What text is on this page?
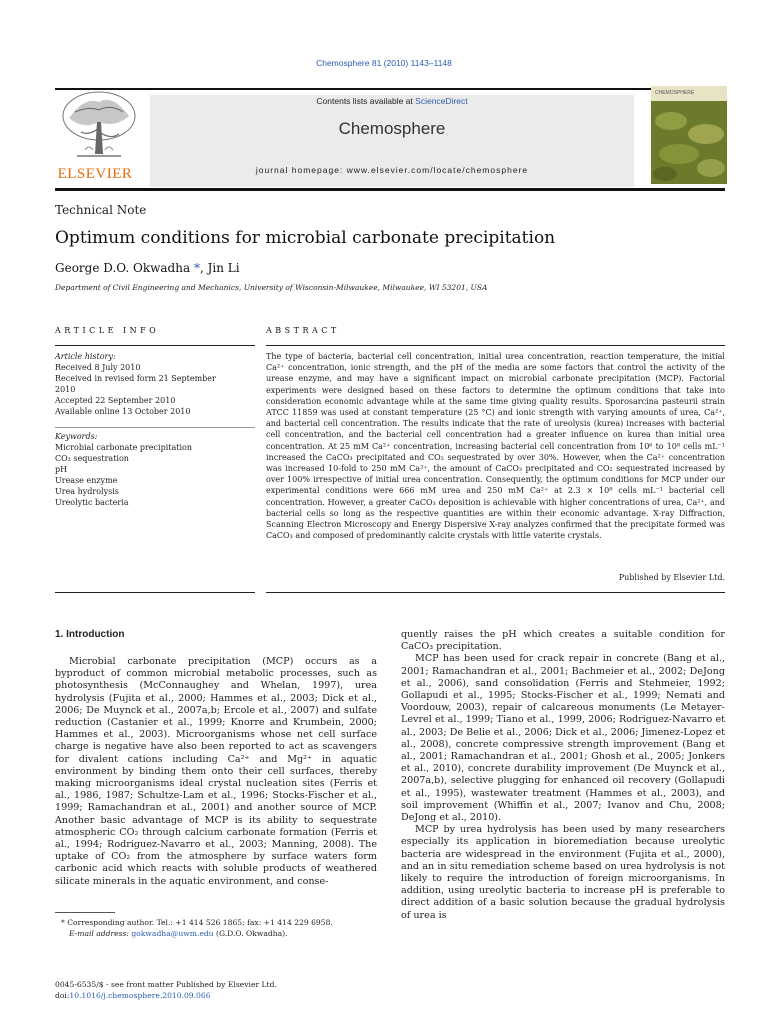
Chemosphere 81 (2010) 1143–1148
ELSEVIER
Contents lists available at ScienceDirect
Chemosphere
journal homepage: www.elsevier.com/locate/chemosphere
CHEMOSPHERE
Technical Note
Optimum conditions for microbial carbonate precipitation
George D.O. Okwadha *, Jin Li
Department of Civil Engineering and Mechanics, University of Wisconsin-Milwaukee, Milwaukee, WI 53201, USA
ARTICLE INFO
Article history:
Received 8 July 2010
Received in revised form 21 September
2010
Accepted 22 September 2010
Available online 13 October 2010
Keywords:
Microbial carbonate precipitation
CO₂ sequestration
pH
Urease enzyme
Urea hydrolysis
Ureolytic bacteria
ABSTRACT
The type of bacteria, bacterial cell concentration, initial urea concentration, reaction temperature, the initial Ca²⁺ concentration, ionic strength, and the pH of the media are some factors that control the activity of the urease enzyme, and may have a significant impact on microbial carbonate precipitation (MCP). Factorial experiments were designed based on these factors to determine the optimum conditions that take into consideration economic advantage while at the same time giving quality results. Sporosarcina pasteurii strain ATCC 11859 was used at constant temperature (25 °C) and ionic strength with varying amounts of urea, Ca²⁺, and bacterial cell concentration. The results indicate that the rate of ureolysis (kurea) increases with bacterial cell concentration, and the bacterial cell concentration had a greater influence on kurea than initial urea concentration. At 25 mM Ca²⁺ concentration, increasing bacterial cell concentration from 10⁶ to 10⁸ cells mL⁻¹ increased the CaCO₃ precipitated and CO₂ sequestrated by over 30%. However, when the Ca²⁺ concentration was increased 10-fold to 250 mM Ca²⁺, the amount of CaCO₃ precipitated and CO₂ sequestrated increased by over 100% irrespective of initial urea concentration. Consequently, the optimum conditions for MCP under our experimental conditions were 666 mM urea and 250 mM Ca²⁺ at 2.3 × 10⁸ cells mL⁻¹ bacterial cell concentration. However, a greater CaCO₃ deposition is achievable with higher concentrations of urea, Ca²⁺, and bacterial cells so long as the respective quantities are within their economic advantage. X-ray Diffraction, Scanning Electron Microscopy and Energy Dispersive X-ray analyzes confirmed that the precipitate formed was CaCO₃ and composed of predominantly calcite crystals with little vaterite crystals.
Published by Elsevier Ltd.
1. Introduction

Microbial carbonate precipitation (MCP) occurs as a byproduct of common microbial metabolic processes, such as photosynthesis (McConnaughey and Whelan, 1997), urea hydrolysis (Fujita et al., 2000; Hammes et al., 2003; Dick et al., 2006; De Muynck et al., 2007a,b; Ercole et al., 2007) and sulfate reduction (Castanier et al., 1999; Knorre and Krumbein, 2000; Hammes et al., 2003). Microorganisms whose net cell surface charge is negative have also been reported to act as scavengers for divalent cations including Ca²⁺ and Mg²⁺ in aquatic environment by binding them onto their cell surfaces, thereby making microorganisms ideal crystal nucleation sites (Ferris et al., 1986, 1987; Schultze-Lam et al., 1996; Stocks-Fischer et al., 1999; Ramachandran et al., 2001) and another source of MCP. Another basic advantage of MCP is its ability to sequestrate atmospheric CO₂ through calcium carbonate formation (Ferris et al., 1994; Rodriguez-Navarro et al., 2003; Manning, 2008). The uptake of CO₂ from the atmosphere by surface waters form carbonic acid which reacts with soluble products of weathered silicate minerals in the aquatic environment, and conse-

quently raises the pH which creates a suitable condition for CaCO₃ precipitation.

MCP has been used for crack repair in concrete (Bang et al., 2001; Ramachandran et al., 2001; Bachmeier et al., 2002; DeJong et al., 2006), sand consolidation (Ferris and Stehmeier, 1992; Gollapudi et al., 1995; Stocks-Fischer et al., 1999; Nemati and Voordouw, 2003), repair of calcareous monuments (Le Metayer-Levrel et al., 1999; Tiano et al., 1999, 2006; Rodriguez-Navarro et al., 2003; De Belie et al., 2006; Dick et al., 2006; Jimenez-Lopez et al., 2008), concrete compressive strength improvement (Bang et al., 2001; Ramachandran et al., 2001; Ghosh et al., 2005; Jonkers et al., 2010), concrete durability improvement (De Muynck et al., 2007a,b), selective plugging for enhanced oil recovery (Gollapudi et al., 1995), wastewater treatment (Hammes et al., 2003), and soil improvement (Whiffin et al., 2007; Ivanov and Chu, 2008; DeJong et al., 2010).

MCP by urea hydrolysis has been used by many researchers especially its application in bioremediation because ureolytic bacteria are widespread in the environment (Fujita et al., 2000), and an in situ remediation scheme based on urea hydrolysis is not likely to require the introduction of foreign microorganisms. In addition, using ureolytic bacteria to increase pH is preferable to direct addition of a basic solution because the gradual hydrolysis of urea is

* Corresponding author. Tel.: +1 414 526 1865; fax: +1 414 229 6958.
E-mail address: gokwadha@uwm.edu (G.D.O. Okwadha).
0045-6535/$ - see front matter Published by Elsevier Ltd.
doi:10.1016/j.chemosphere.2010.09.066
